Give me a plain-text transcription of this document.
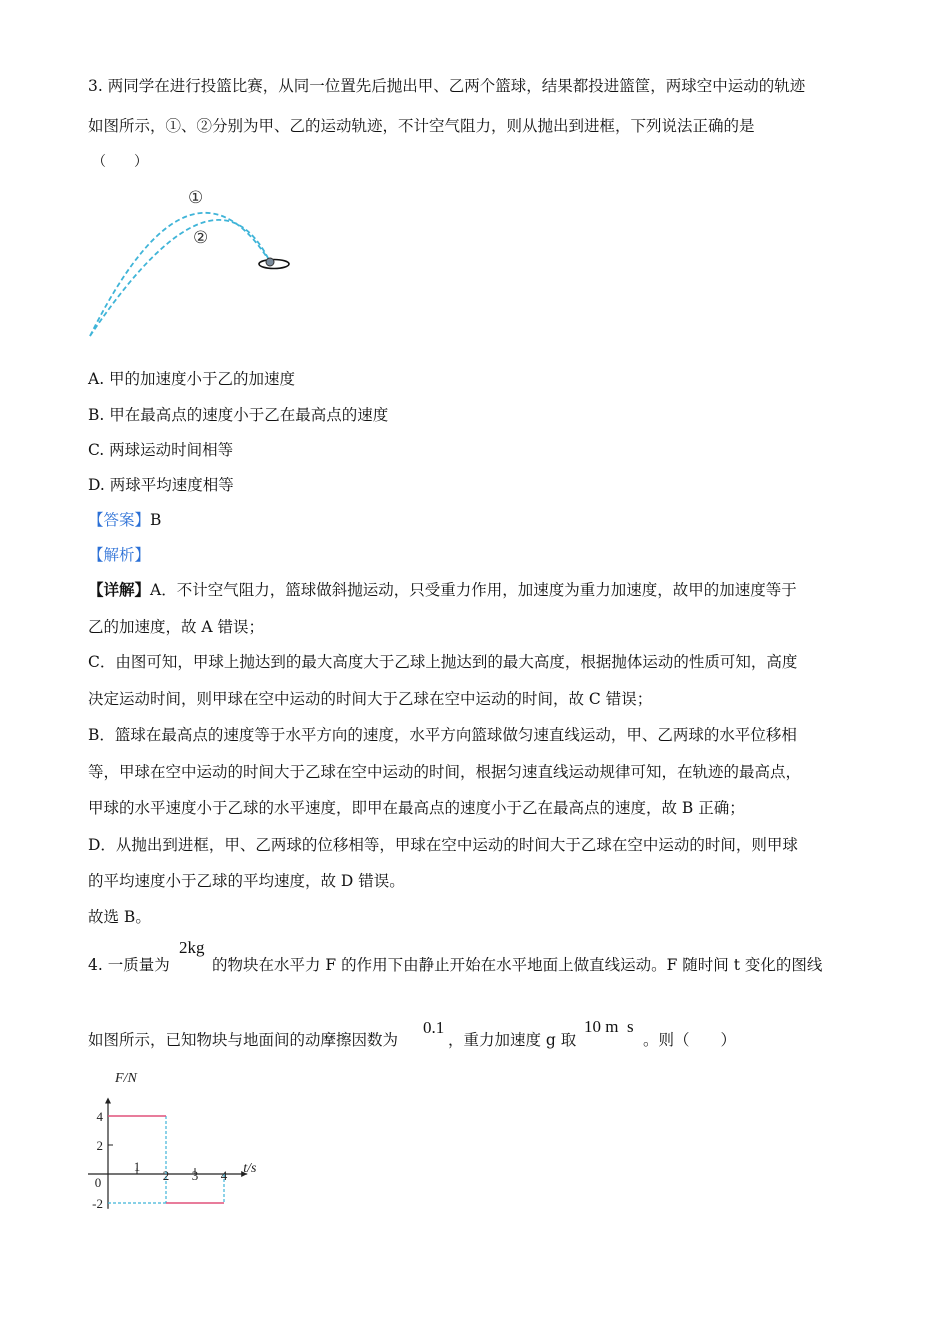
3. 两同学在进行投篮比赛，从同一位置先后抛出甲、乙两个篮球，结果都投进篮筐，两球空中运动的轨迹
如图所示，①、②分别为甲、乙的运动轨迹，不计空气阻力，则从抛出到进框，下列说法正确的是
（　　）
①
②
A. 甲的加速度小于乙的加速度
B. 甲在最高点的速度小于乙在最高点的速度
C. 两球运动时间相等
D. 两球平均速度相等
【答案】B
【解析】
【详解】A．不计空气阻力，篮球做斜抛运动，只受重力作用，加速度为重力加速度，故甲的加速度等于
乙的加速度，故 A 错误；
C．由图可知，甲球上抛达到的最大高度大于乙球上抛达到的最大高度，根据抛体运动的性质可知，高度
决定运动时间，则甲球在空中运动的时间大于乙球在空中运动的时间，故 C 错误；
B．篮球在最高点的速度等于水平方向的速度，水平方向篮球做匀速直线运动，甲、乙两球的水平位移相
等，甲球在空中运动的时间大于乙球在空中运动的时间，根据匀速直线运动规律可知，在轨迹的最高点，
甲球的水平速度小于乙球的水平速度，即甲在最高点的速度小于乙在最高点的速度，故 B 正确；
D．从抛出到进框，甲、乙两球的位移相等，甲球在空中运动的时间大于乙球在空中运动的时间，则甲球
的平均速度小于乙球的平均速度，故 D 错误。
故选 B。
4. 一质量为
2kg
的物块在水平力 F 的作用下由静止开始在水平地面上做直线运动。F 随时间 t 变化的图线
如图所示，已知物块与地面间的动摩擦因数为
0.1
，重力加速度 g 取
10 m  s
。则（　　）
F/N
t/s
0
1
2 3 4
4
2
-2
